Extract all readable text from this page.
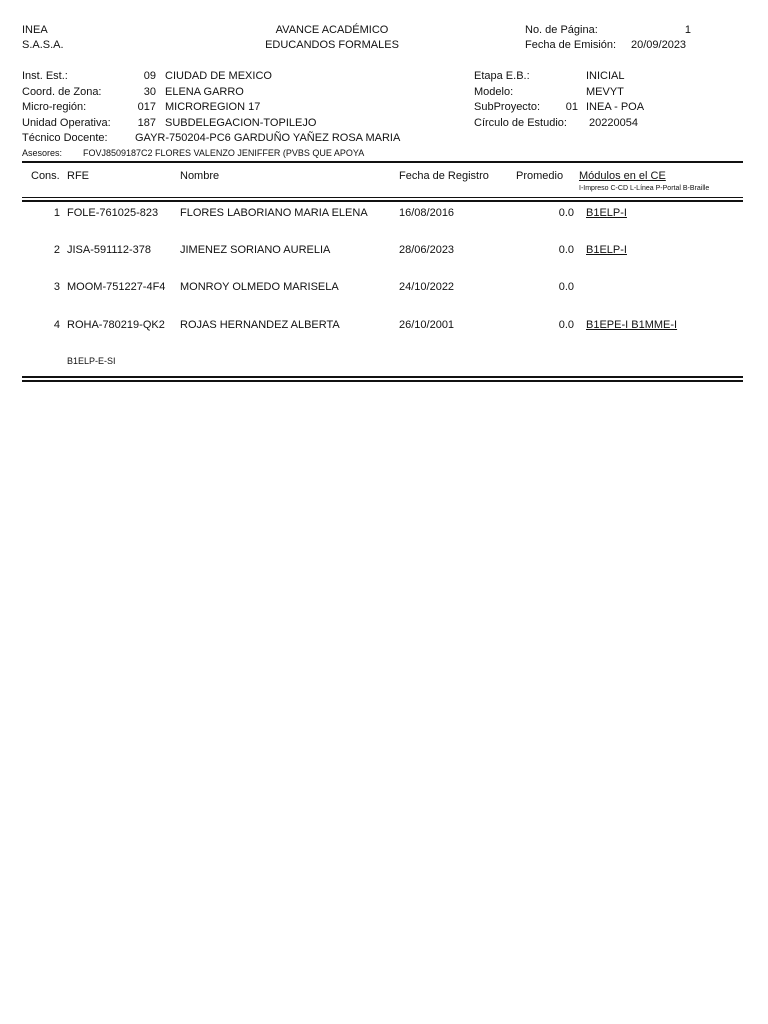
INEA
S.A.S.A.
AVANCE ACADÉMICO
EDUCANDOS FORMALES
No. de Página:	1
Fecha de Emisión: 20/09/2023
Inst. Est.:	09 CIUDAD DE MEXICO
Coord. de Zona:	30 ELENA GARRO
Micro-región:	017 MICROREGION 17
Unidad Operativa:	187 SUBDELEGACION-TOPILEJO
Técnico Docente: GAYR-750204-PC6 GARDUÑO YAÑEZ ROSA MARIA
Asesores: FOVJ8509187C2 FLORES VALENZO JENIFFER (PVBS QUE APOYA
Etapa E.B.:	INICIAL
Modelo:	MEVYT
SubProyecto:	01 INEA - POA
Círculo de Estudio: 20220054
Cons. RFE	Nombre	Fecha de Registro Promedio Módulos en el CE
I-Impreso C-CD L-Línea P-Portal B-Braille
1 FOLE-761025-823 FLORES LABORIANO MARIA ELENA	16/08/2016	0.0 B1ELP-I
2 JISA-591112-378	JIMENEZ SORIANO AURELIA	28/06/2023	0.0 B1ELP-I
3 MOOM-751227-4F4 MONROY OLMEDO MARISELA	24/10/2022	0.0
4 ROHA-780219-QK2 ROJAS HERNANDEZ ALBERTA	26/10/2001	0.0 B1EPE-I B1MME-I
B1ELP-E-SI
